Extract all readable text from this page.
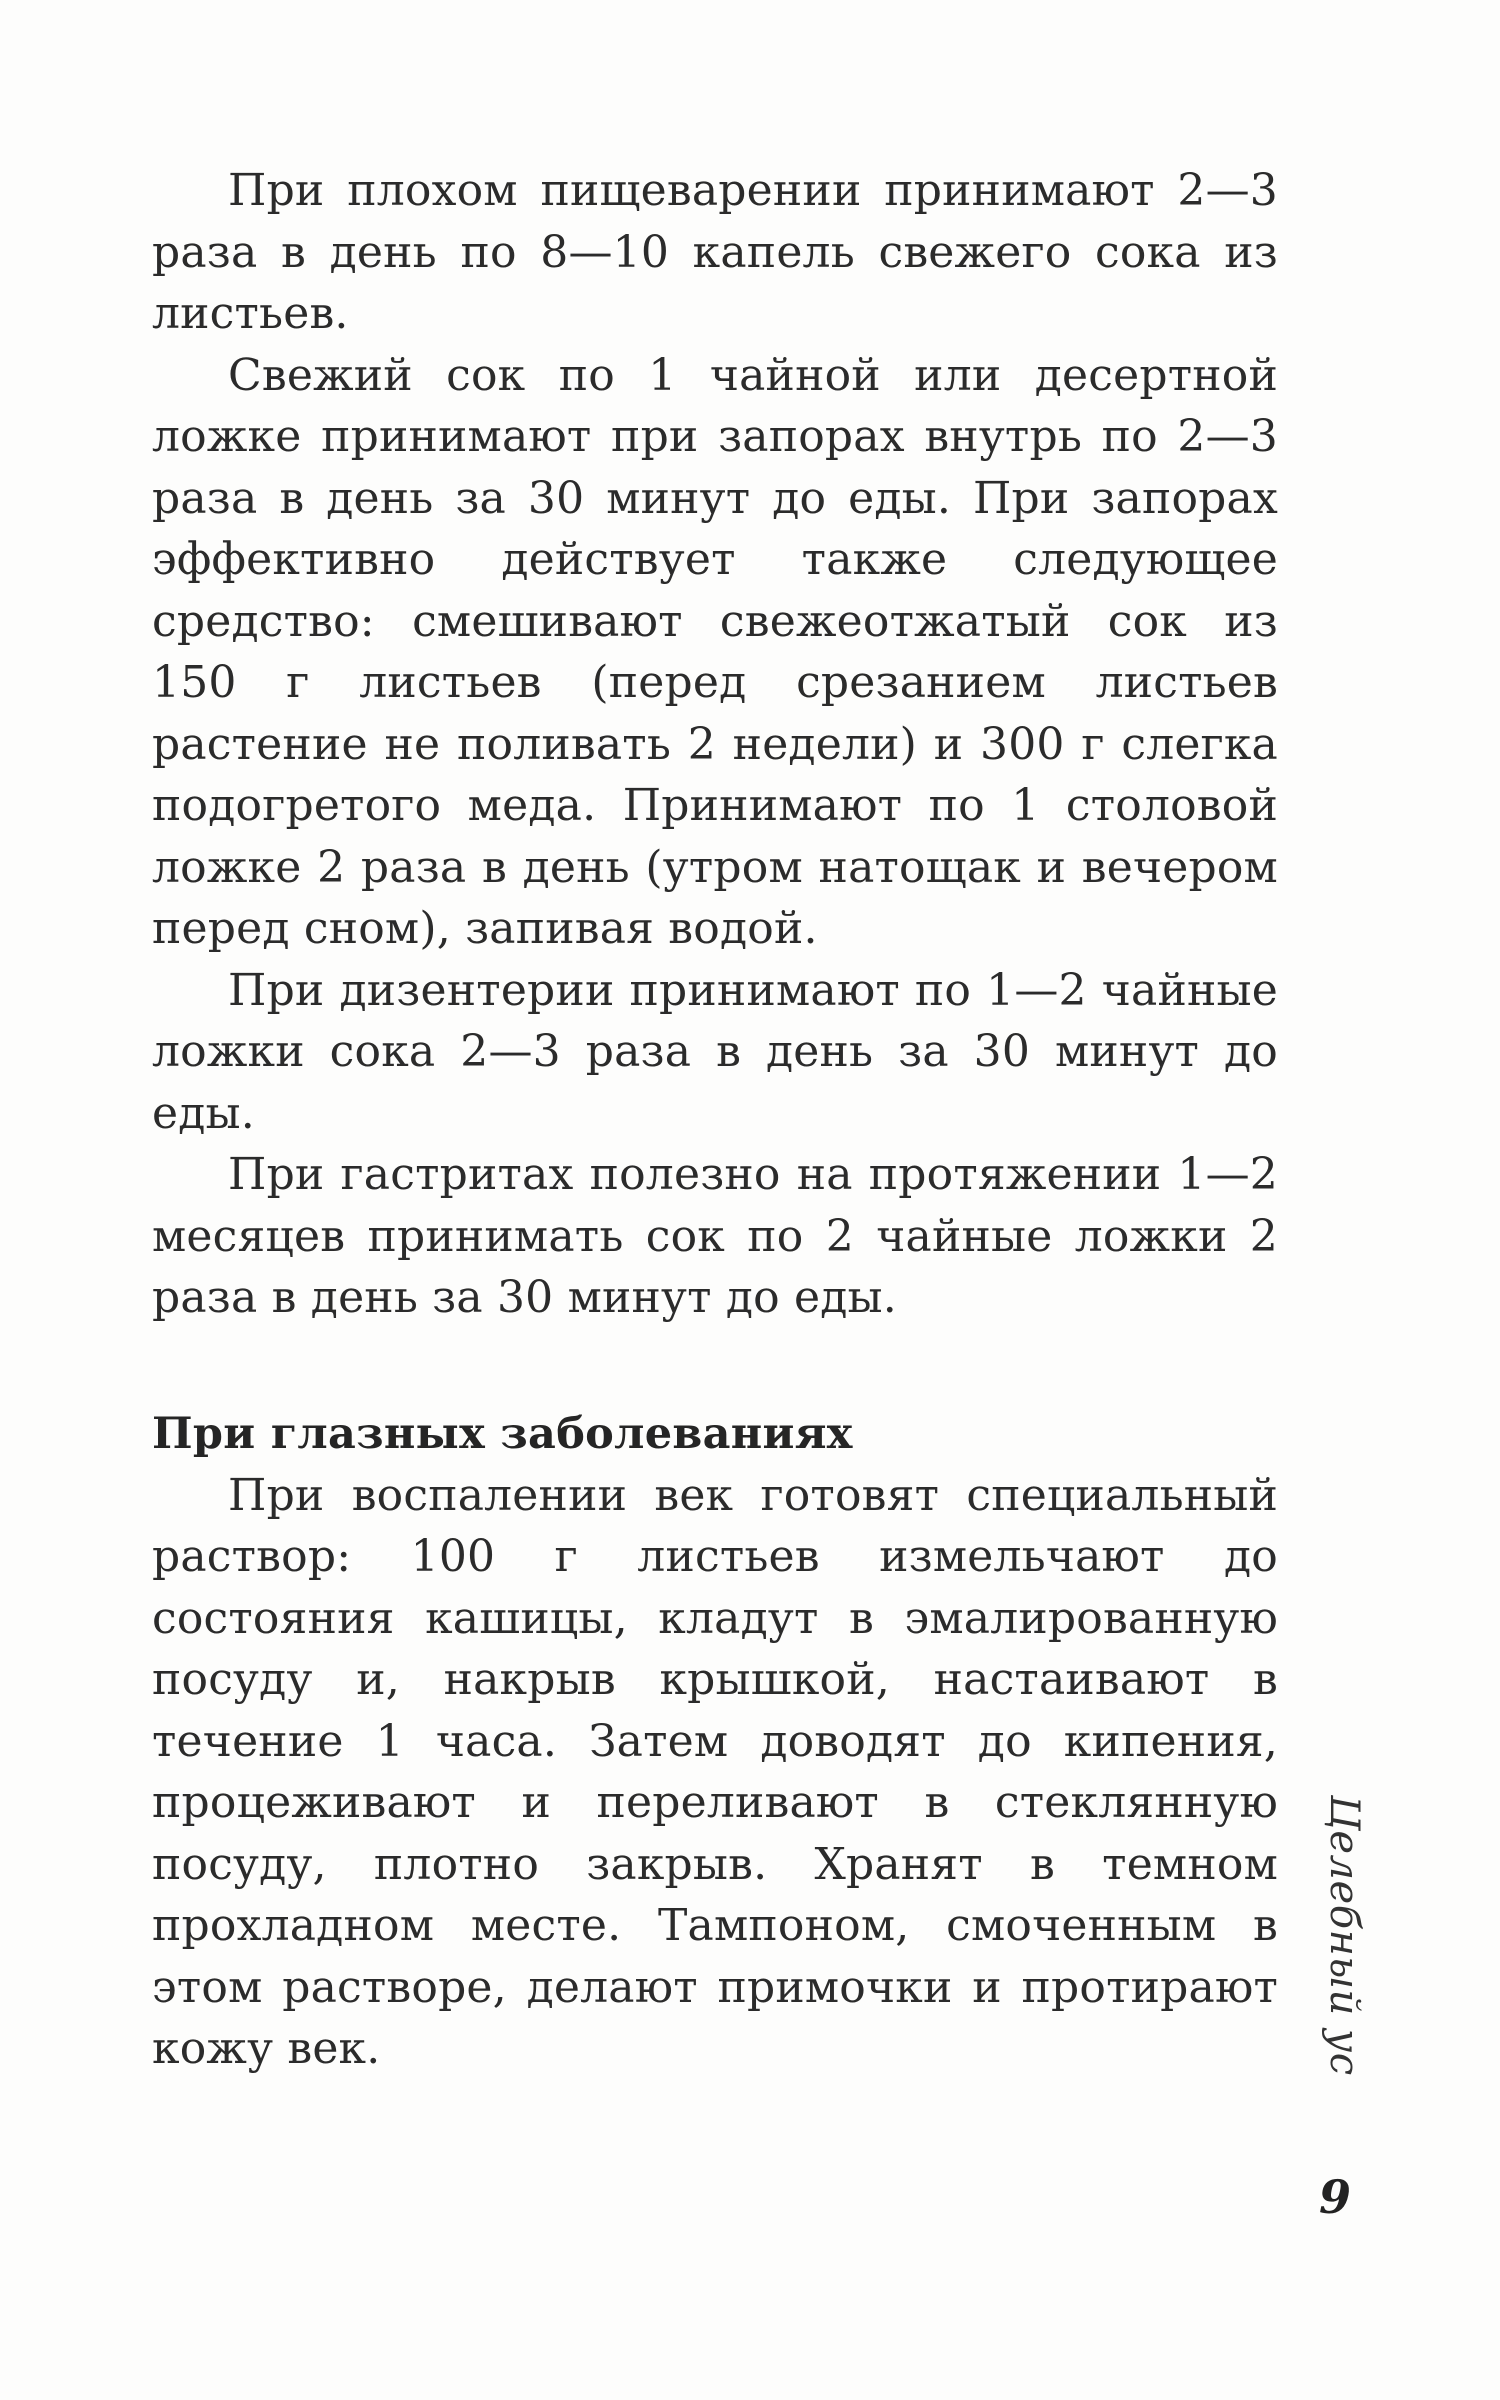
При плохом пищеварении принимают 2—3 раза в день по 8—10 капель свежего сока из листьев.

Свежий сок по 1 чайной или десертной ложке принимают при запорах внутрь по 2—3 раза в день за 30 минут до еды. При запорах эффективно действует также следующее средство: смешивают свежеотжатый сок из 150 г листьев (перед срезанием листьев растение не поливать 2 недели) и 300 г слегка подогретого меда. Принимают по 1 столовой ложке 2 раза в день (утром натощак и вечером перед сном), запивая водой.

При дизентерии принимают по 1—2 чайные ложки сока 2—3 раза в день за 30 минут до еды.

При гастритах полезно на протяжении 1—2 месяцев принимать сок по 2 чайные ложки 2 раза в день за 30 минут до еды.

При глазных заболеваниях

При воспалении век готовят специальный раствор: 100 г листьев измельчают до состояния кашицы, кладут в эмалированную посуду и, накрыв крышкой, настаивают в течение 1 часа. Затем доводят до кипения, процеживают и переливают в стеклянную посуду, плотно закрыв. Хранят в темном прохладном месте. Тампоном, смоченным в этом растворе, делают примочки и протирают кожу век.	Целебный ус
9
